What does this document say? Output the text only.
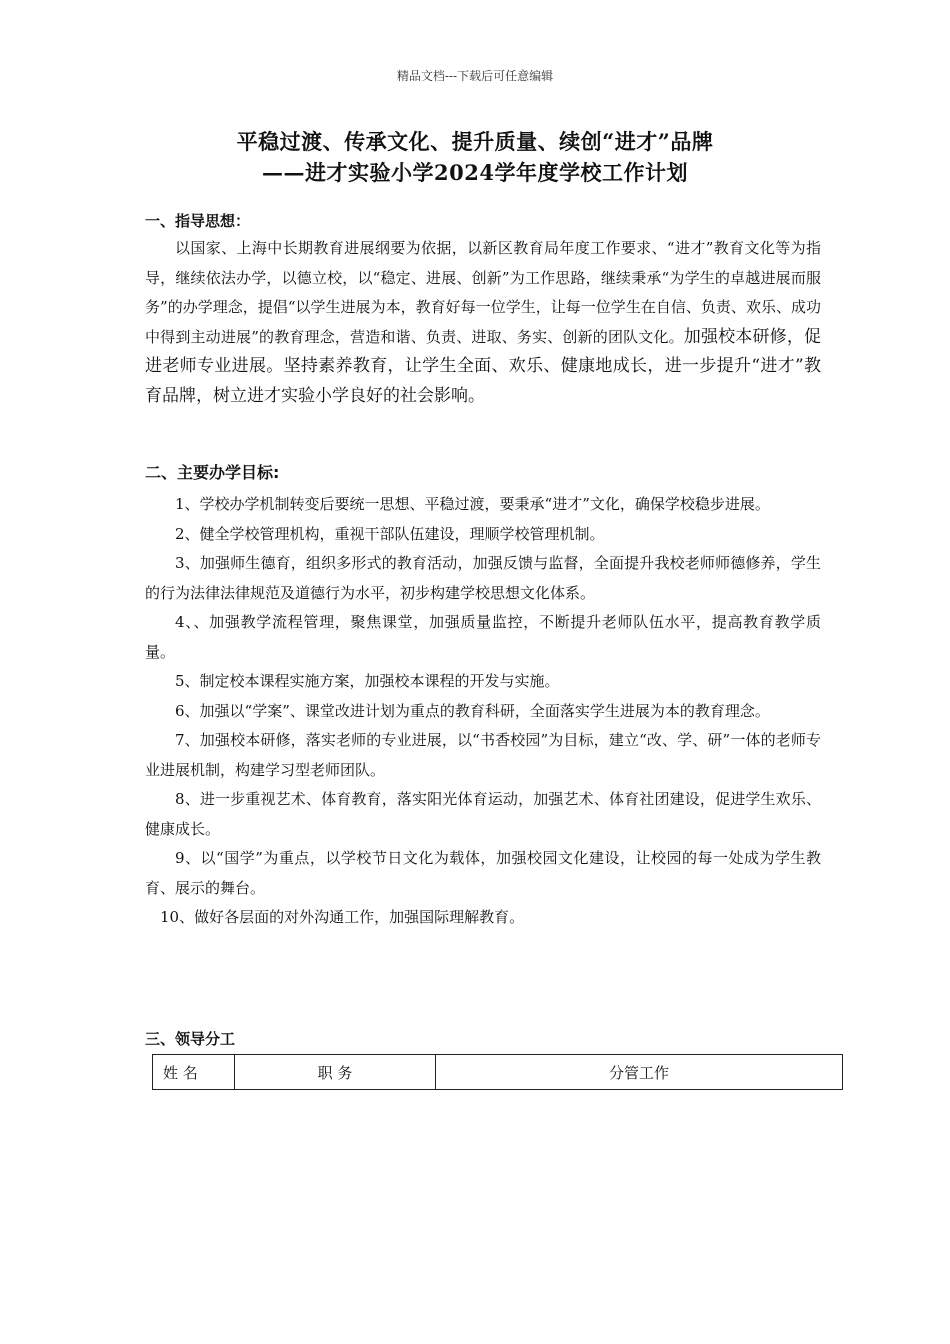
精品文档---下载后可任意编辑
平稳过渡、传承文化、提升质量、续创“进才”品牌
——进才实验小学2024学年度学校工作计划
一、指导思想：
以国家、上海中长期教育进展纲要为依据，以新区教育局年度工作要求、“进才”教育文化等为指导，继续依法办学，以德立校，以“稳定、进展、创新”为工作思路，继续秉承“为学生的卓越进展而服务”的办学理念，提倡“以学生进展为本，教育好每一位学生，让每一位学生在自信、负责、欢乐、成功中得到主动进展”的教育理念，营造和谐、负责、进取、务实、创新的团队文化。加强校本研修，促进老师专业进展。坚持素养教育，让学生全面、欢乐、健康地成长，进一步提升“进才”教育品牌，树立进才实验小学良好的社会影响。
二、主要办学目标:

1、学校办学机制转变后要统一思想、平稳过渡，要秉承“进才”文化，确保学校稳步进展。

2、健全学校管理机构，重视干部队伍建设，理顺学校管理机制。

3、加强师生德育，组织多形式的教育活动，加强反馈与监督，全面提升我校老师师德修养，学生的行为法律法律规范及道德行为水平，初步构建学校思想文化体系。

4、、加强教学流程管理，聚焦课堂，加强质量监控，不断提升老师队伍水平，提高教育教学质量。

5、制定校本课程实施方案，加强校本课程的开发与实施。

6、加强以“学案”、课堂改进计划为重点的教育科研，全面落实学生进展为本的教育理念。

7、加强校本研修，落实老师的专业进展，以“书香校园”为目标，建立“改、学、研”一体的老师专业进展机制，构建学习型老师团队。

8、进一步重视艺术、体育教育，落实阳光体育运动，加强艺术、体育社团建设，促进学生欢乐、健康成长。

9、以“国学”为重点，以学校节日文化为载体，加强校园文化建设，让校园的每一处成为学生教育、展示的舞台。

10、做好各层面的对外沟通工作，加强国际理解教育。

三、领导分工
姓 名	职 务	分管工作
